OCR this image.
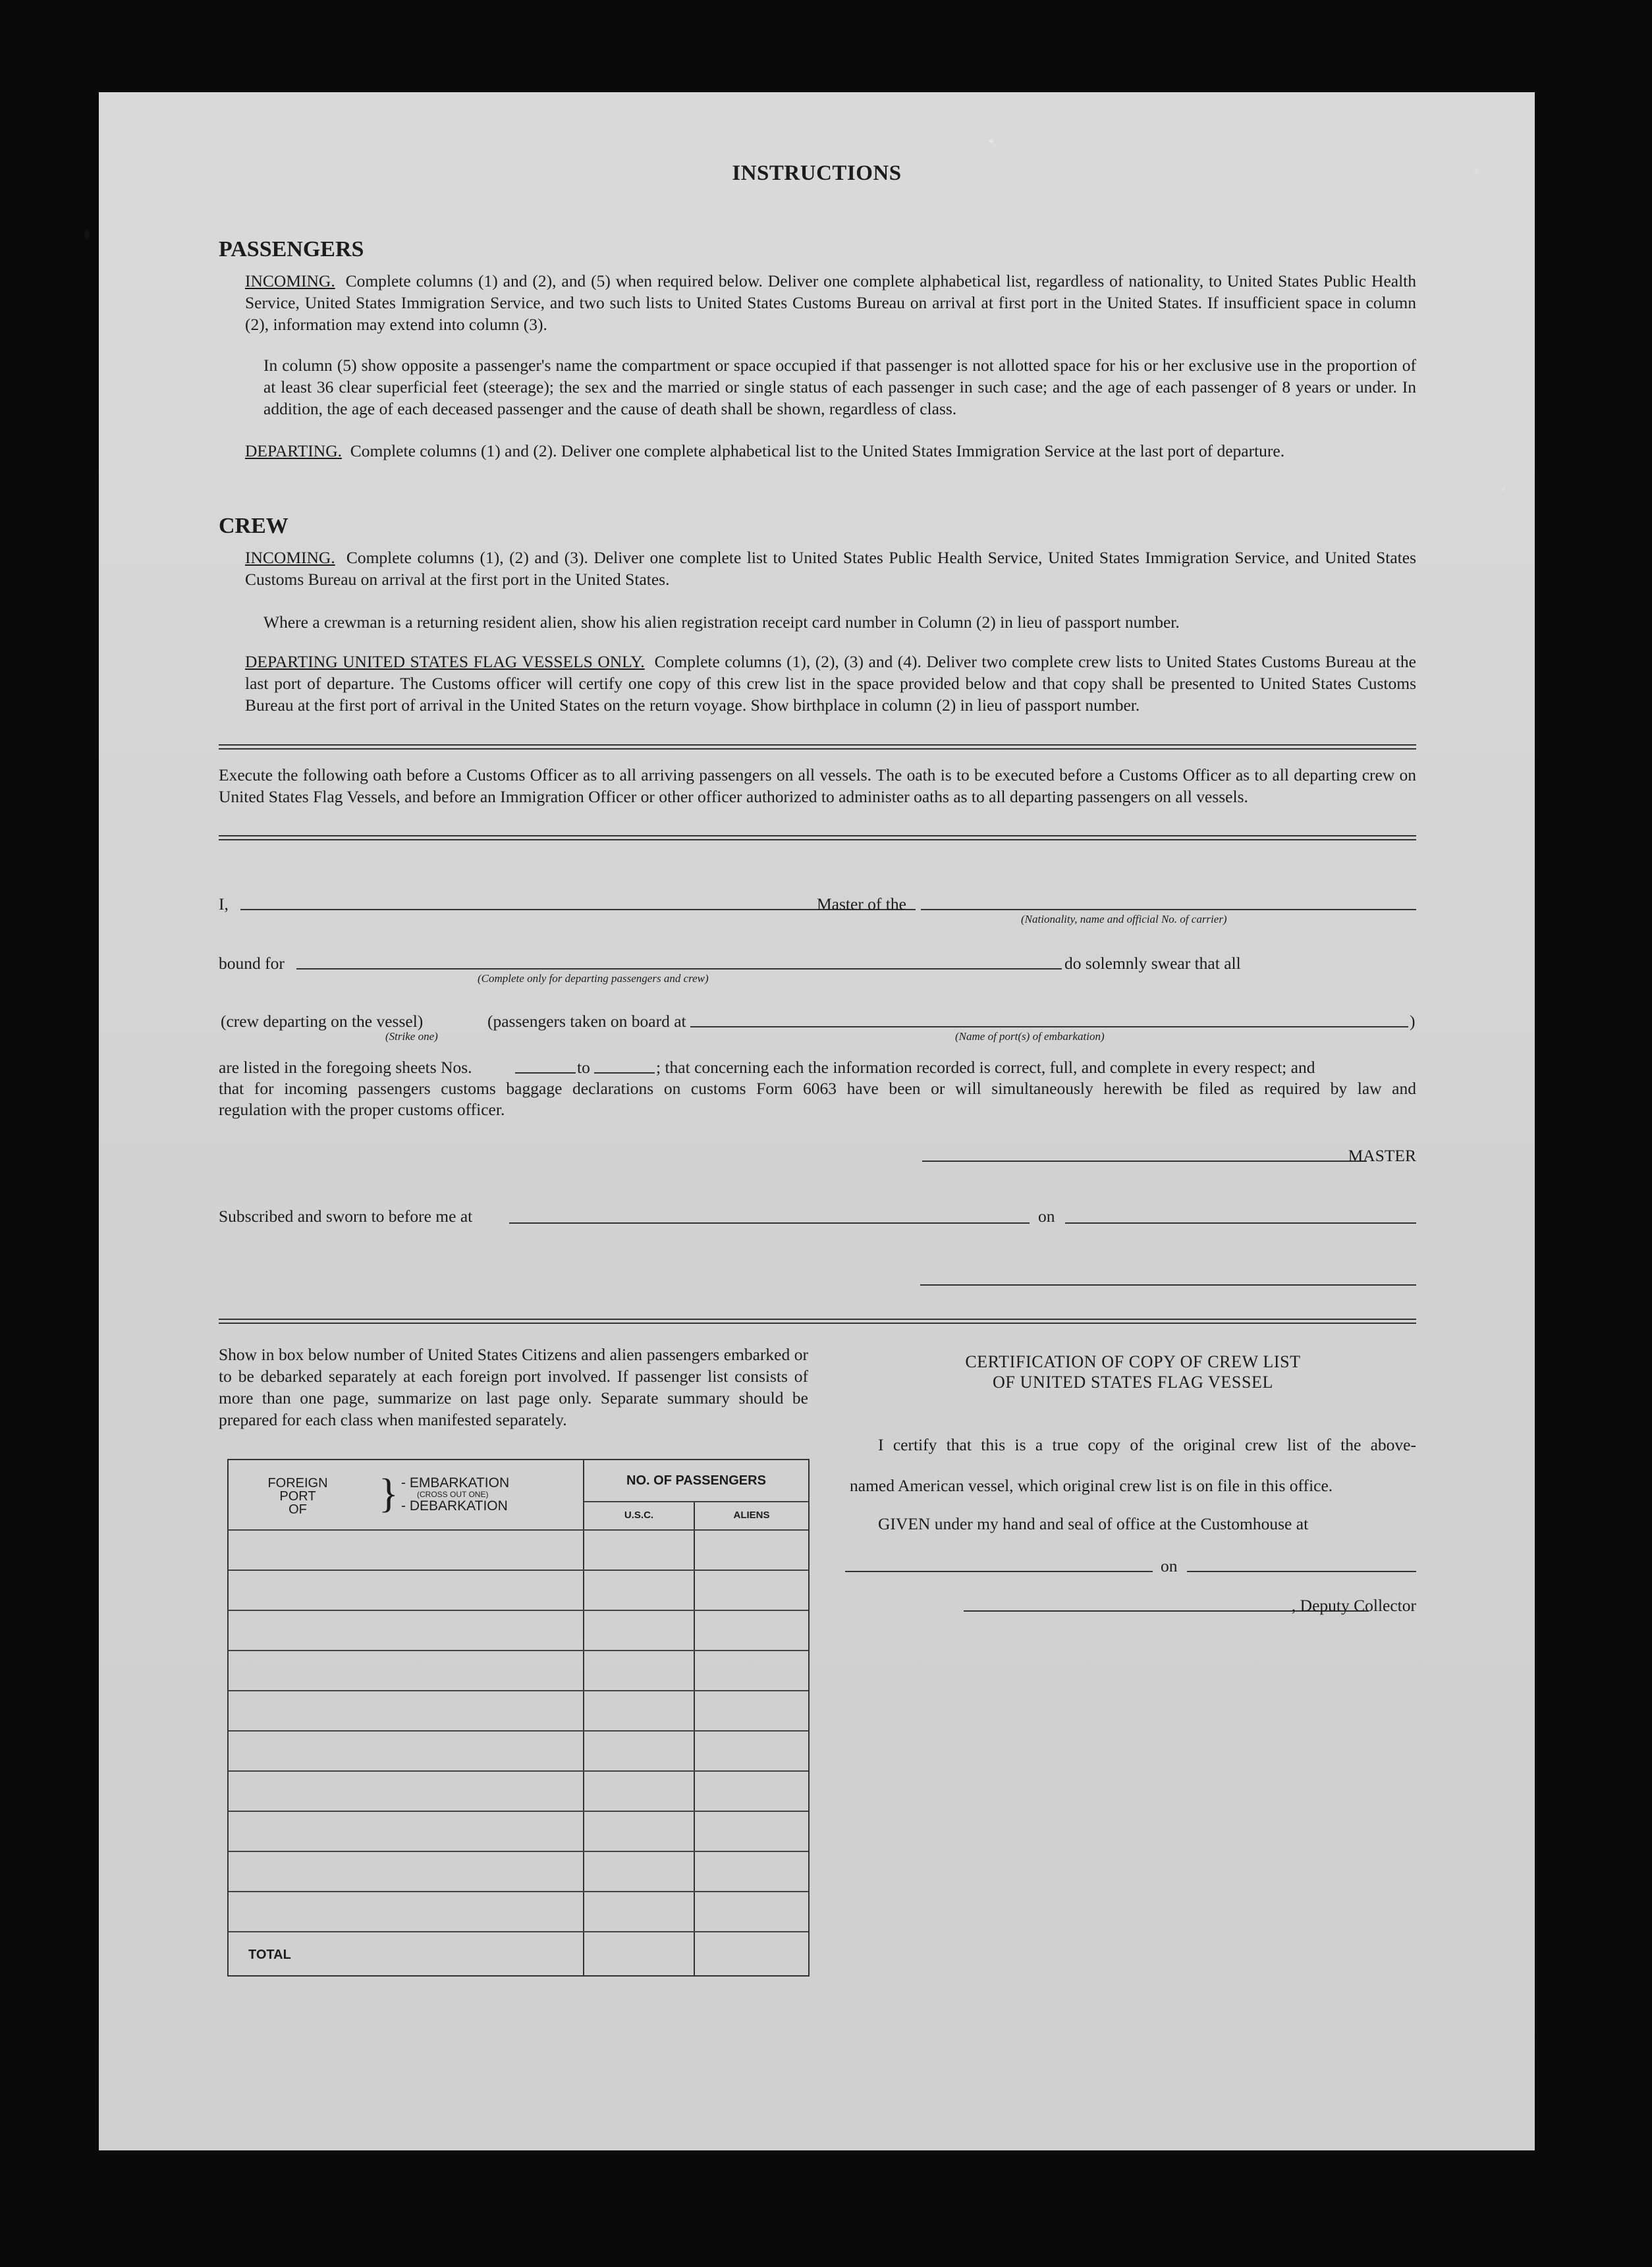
INSTRUCTIONS
PASSENGERS
INCOMING. Complete columns (1) and (2), and (5) when required below. Deliver one complete alphabetical list, regardless of nationality, to United States Public Health Service, United States Immigration Service, and two such lists to United States Customs Bureau on arrival at first port in the United States. If insufficient space in column (2), information may extend into column (3).
In column (5) show opposite a passenger's name the compartment or space occupied if that passenger is not allotted space for his or her exclusive use in the proportion of at least 36 clear superficial feet (steerage); the sex and the married or single status of each passenger in such case; and the age of each passenger of 8 years or under. In addition, the age of each deceased passenger and the cause of death shall be shown, regardless of class.
DEPARTING. Complete columns (1) and (2). Deliver one complete alphabetical list to the United States Immigration Service at the last port of departure.
CREW
INCOMING. Complete columns (1), (2) and (3). Deliver one complete list to United States Public Health Service, United States Immigration Service, and United States Customs Bureau on arrival at the first port in the United States.
Where a crewman is a returning resident alien, show his alien registration receipt card number in Column (2) in lieu of passport number.
DEPARTING UNITED STATES FLAG VESSELS ONLY. Complete columns (1), (2), (3) and (4). Deliver two complete crew lists to United States Customs Bureau at the last port of departure. The Customs officer will certify one copy of this crew list in the space provided below and that copy shall be presented to United States Customs Bureau at the first port of arrival in the United States on the return voyage. Show birthplace in column (2) in lieu of passport number.
Execute the following oath before a Customs Officer as to all arriving passengers on all vessels. The oath is to be executed before a Customs Officer as to all departing crew on United States Flag Vessels, and before an Immigration Officer or other officer authorized to administer oaths as to all departing passengers on all vessels.
I,	Master of the
(Nationality, name and official No. of carrier)
bound for
(Complete only for departing passengers and crew)
do solemnly swear that all
(crew departing on the vessel)
(Strike one)
(passengers taken on board at
(Name of port(s) of embarkation)
)
are listed in the foregoing sheets Nos.	to	; that concerning each the information recorded is correct, full, and complete in every respect; and
that for incoming passengers customs baggage declarations on customs Form 6063 have been or will simultaneously herewith be filed as required by law and
regulation with the proper customs officer.
MASTER
Subscribed and sworn to before me at	on
Show in box below number of United States Citizens and alien passengers embarked or to be debarked separately at each foreign port involved. If passenger list consists of more than one page, summarize on last page only. Separate summary should be prepared for each class when manifested separately.
FOREIGN
PORT
OF	} - EMBARKATION
(CROSS OUT ONE)
- DEBARKATION
NO. OF PASSENGERS
U.S.C.	ALIENS
TOTAL
CERTIFICATION OF COPY OF CREW LIST
OF UNITED STATES FLAG VESSEL
I certify that this is a true copy of the original crew list of the above-
named American vessel, which original crew list is on file in this office.
GIVEN under my hand and seal of office at the Customhouse at
on
, Deputy Collector
